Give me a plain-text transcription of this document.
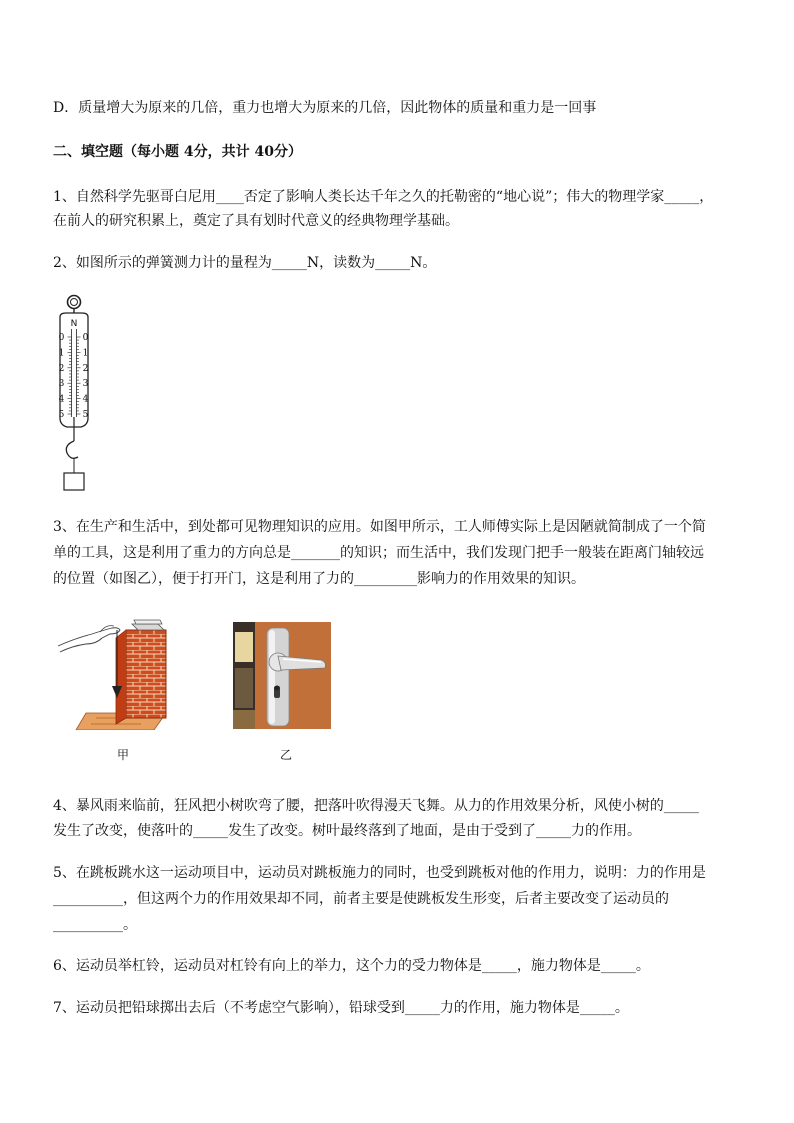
D．质量增大为原来的几倍，重力也增大为原来的几倍，因此物体的质量和重力是一回事
二、填空题（每小题 4分，共计 40分）
1、自然科学先驱哥白尼用____否定了影响人类长达千年之久的托勒密的“地心说”；伟大的物理学家_____，
在前人的研究积累上，奠定了具有划时代意义的经典物理学基础。
2、如图所示的弹簧测力计的量程为_____N，读数为_____N。
N
0 0
1 1
2 2
3 3
4 4
5 5
3、在生产和生活中，到处都可见物理知识的应用。如图甲所示，工人师傅实际上是因陋就简制成了一个简
单的工具，这是利用了重力的方向总是_______的知识；而生活中，我们发现门把手一般装在距离门轴较远
的位置（如图乙），便于打开门，这是利用了力的_________影响力的作用效果的知识。
甲	乙
4、暴风雨来临前，狂风把小树吹弯了腰，把落叶吹得漫天飞舞。从力的作用效果分析，风使小树的_____
发生了改变，使落叶的_____发生了改变。树叶最终落到了地面，是由于受到了_____力的作用。
5、在跳板跳水这一运动项目中，运动员对跳板施力的同时，也受到跳板对他的作用力，说明：力的作用是
__________，但这两个力的作用效果却不同，前者主要是使跳板发生形变，后者主要改变了运动员的
__________。
6、运动员举杠铃，运动员对杠铃有向上的举力，这个力的受力物体是_____，施力物体是_____。
7、运动员把铅球掷出去后（不考虑空气影响），铅球受到_____力的作用，施力物体是_____。
